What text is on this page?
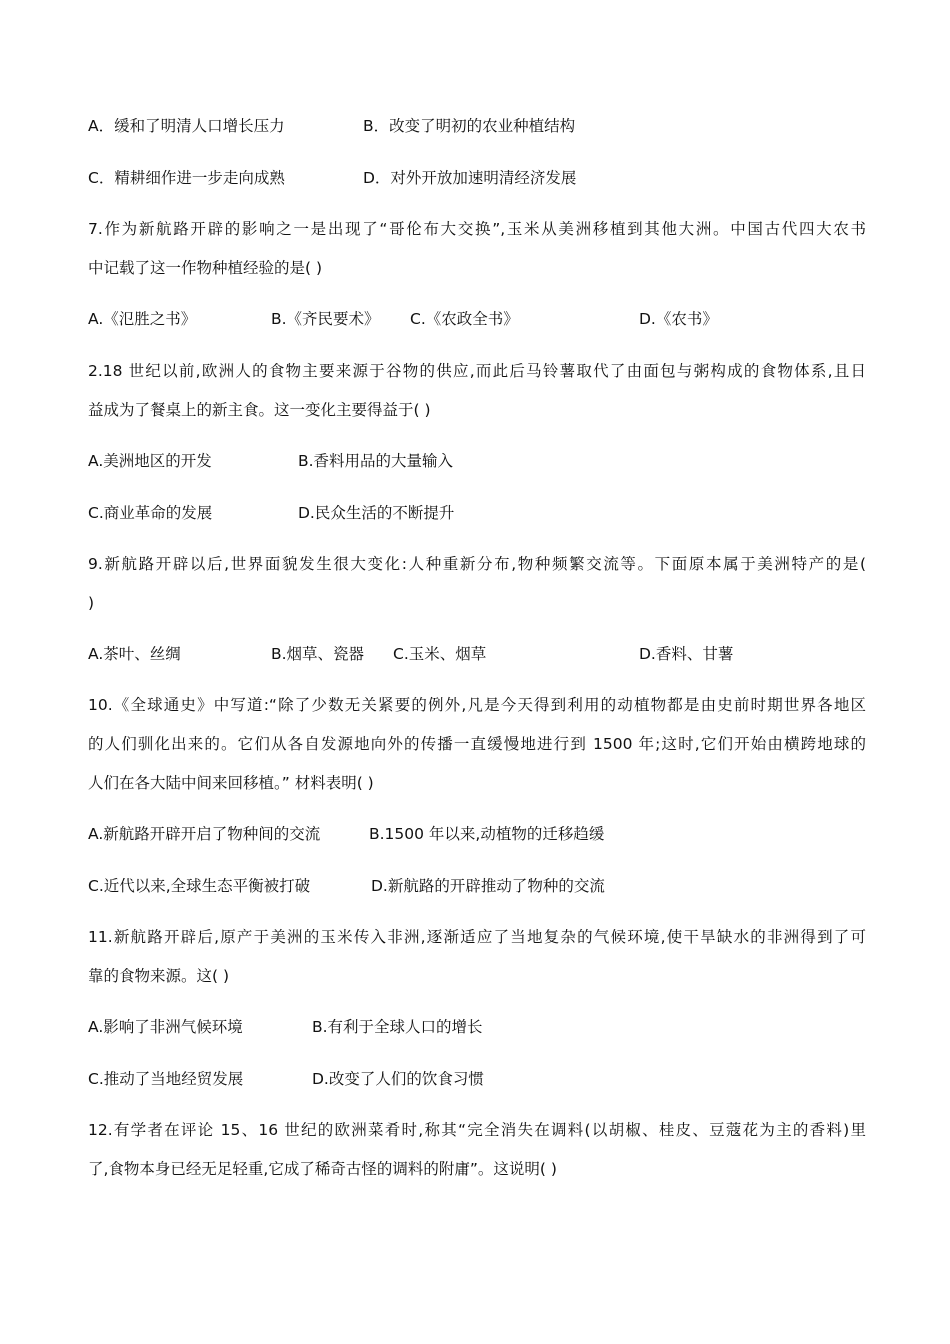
A．缓和了明清人口增长压力	B．改变了明初的农业种植结构
C．精耕细作进一步走向成熟	D．对外开放加速明清经济发展
7.作为新航路开辟的影响之一是出现了“哥伦布大交换”,玉米从美洲移植到其他大洲。中国古代四大农书
中记载了这一作物种植经验的是( )
A.《氾胜之书》	B.《齐民要术》 C.《农政全书》	D.《农书》
2.18 世纪以前,欧洲人的食物主要来源于谷物的供应,而此后马铃薯取代了由面包与粥构成的食物体系,且日
益成为了餐桌上的新主食。这一变化主要得益于( )
A.美洲地区的开发	B.香料用品的大量输入
C.商业革命的发展	D.民众生活的不断提升
9.新航路开辟以后,世界面貌发生很大变化:人种重新分布,物种频繁交流等。下面原本属于美洲特产的是(
)
A.茶叶、丝绸	B.烟草、瓷器 C.玉米、烟草	D.香料、甘薯
10.《全球通史》中写道:“除了少数无关紧要的例外,凡是今天得到利用的动植物都是由史前时期世界各地区
的人们驯化出来的。它们从各自发源地向外的传播一直缓慢地进行到 1500 年;这时,它们开始由横跨地球的
人们在各大陆中间来回移植。” 材料表明( )
A.新航路开辟开启了物种间的交流	B.1500 年以来,动植物的迁移趋缓
C.近代以来,全球生态平衡被打破	D.新航路的开辟推动了物种的交流
11.新航路开辟后,原产于美洲的玉米传入非洲,逐渐适应了当地复杂的气候环境,使干旱缺水的非洲得到了可
靠的食物来源。这( )
A.影响了非洲气候环境	B.有利于全球人口的增长
C.推动了当地经贸发展	D.改变了人们的饮食习惯
12.有学者在评论 15、16 世纪的欧洲菜肴时,称其“完全消失在调料(以胡椒、桂皮、豆蔻花为主的香料)里
了,食物本身已经无足轻重,它成了稀奇古怪的调料的附庸”。这说明( )
